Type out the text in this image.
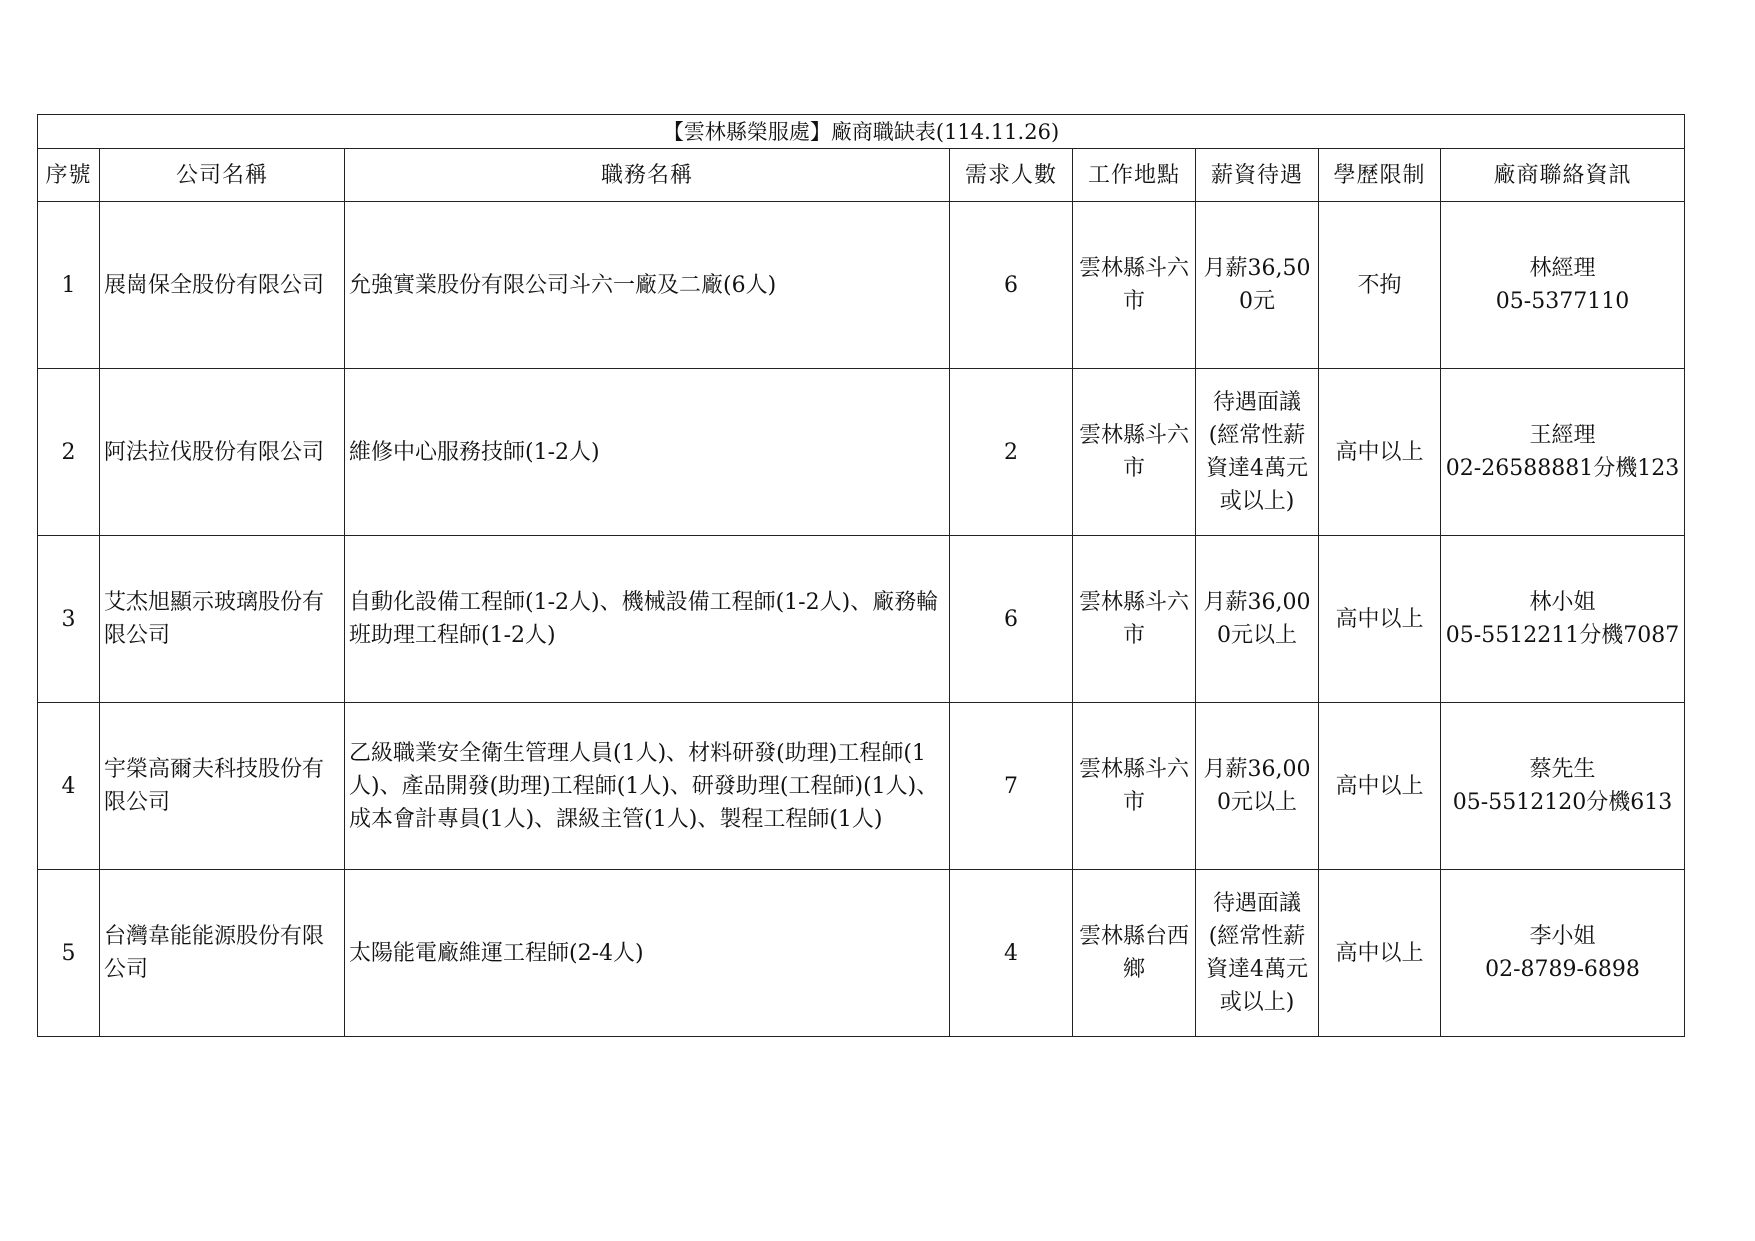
【雲林縣榮服處】廠商職缺表(114.11.26)							
序號	公司名稱	職務名稱	需求人數	工作地點	薪資待遇	學歷限制	廠商聯絡資訊
1	展崗保全股份有限公司	允強實業股份有限公司斗六一廠及二廠(6人)	6	雲林縣斗六市	月薪36,500元	不拘	林經理
05-5377110

2	阿法拉伐股份有限公司	維修中心服務技師(1-2人)	2	雲林縣斗六市	待遇面議(經常性薪資達4萬元或以上)	高中以上	王經理
02-26588881分機123

3	艾杰旭顯示玻璃股份有限公司	自動化設備工程師(1-2人)、機械設備工程師(1-2人)、廠務輪班助理工程師(1-2人)	6	雲林縣斗六市	月薪36,000元以上	高中以上	林小姐
05-5512211分機7087

4	宇榮高爾夫科技股份有限公司	乙級職業安全衛生管理人員(1人)、材料研發(助理)工程師(1人)、產品開發(助理)工程師(1人)、研發助理(工程師)(1人)、成本會計專員(1人)、課級主管(1人)、製程工程師(1人)	7	雲林縣斗六市	月薪36,000元以上	高中以上	蔡先生
05-5512120分機613

5	台灣韋能能源股份有限公司	太陽能電廠維運工程師(2-4人)	4	雲林縣台西鄉	待遇面議(經常性薪資達4萬元或以上)	高中以上	李小姐
02-8789-6898
